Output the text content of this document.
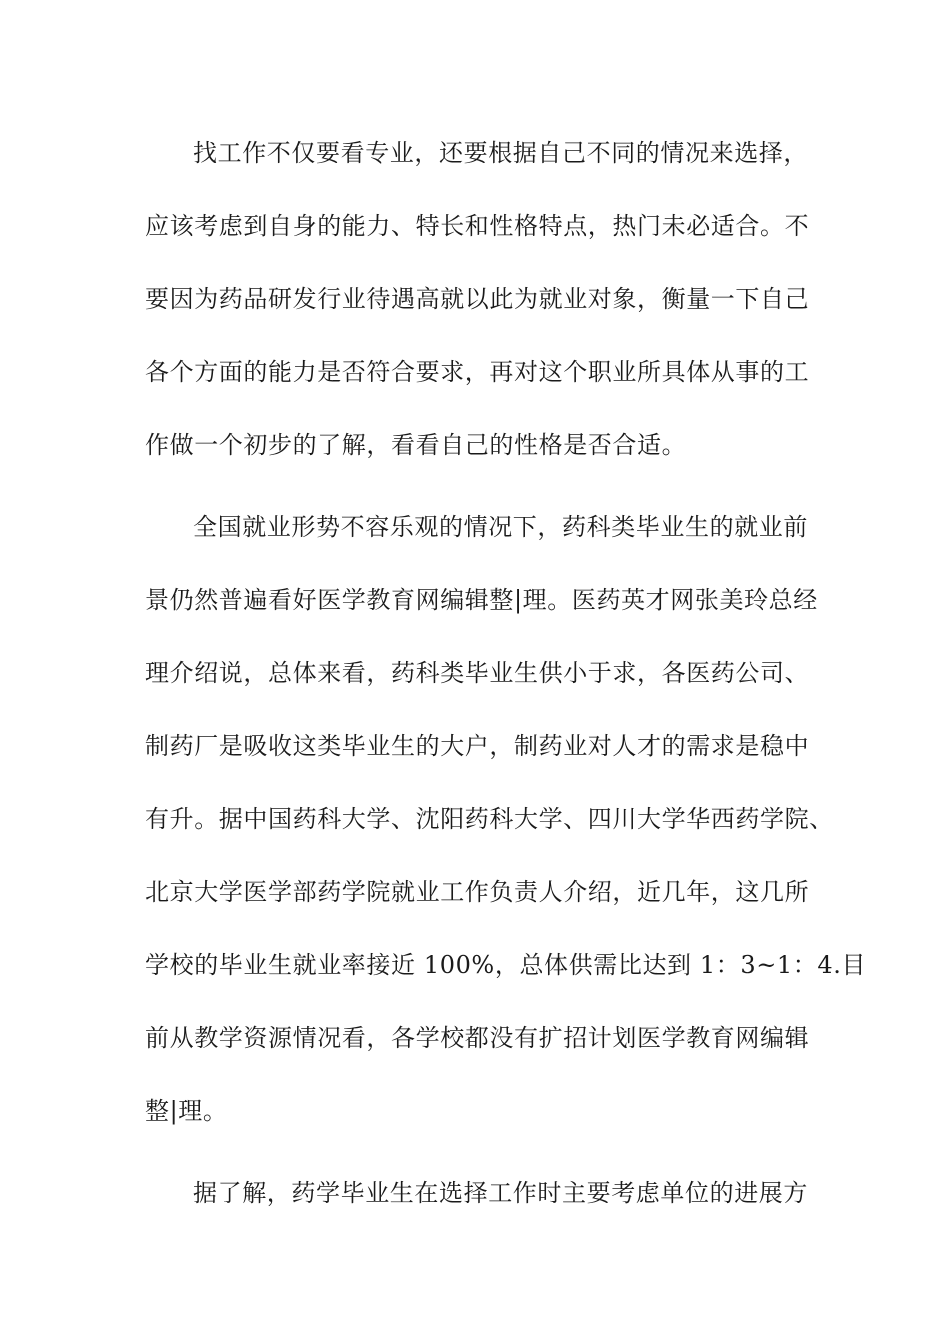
找工作不仅要看专业，还要根据自己不同的情况来选择，
应该考虑到自身的能力、特长和性格特点，热门未必适合。不
要因为药品研发行业待遇高就以此为就业对象，衡量一下自己
各个方面的能力是否符合要求，再对这个职业所具体从事的工
作做一个初步的了解，看看自己的性格是否合适。
全国就业形势不容乐观的情况下，药科类毕业生的就业前
景仍然普遍看好医学教育网编辑整|理。医药英才网张美玲总经
理介绍说，总体来看，药科类毕业生供小于求，各医药公司、
制药厂是吸收这类毕业生的大户，制药业对人才的需求是稳中
有升。据中国药科大学、沈阳药科大学、四川大学华西药学院、
北京大学医学部药学院就业工作负责人介绍，近几年，这几所
学校的毕业生就业率接近 100%，总体供需比达到 1：3~1：4.目
前从教学资源情况看，各学校都没有扩招计划医学教育网编辑
整|理。
据了解，药学毕业生在选择工作时主要考虑单位的进展方
